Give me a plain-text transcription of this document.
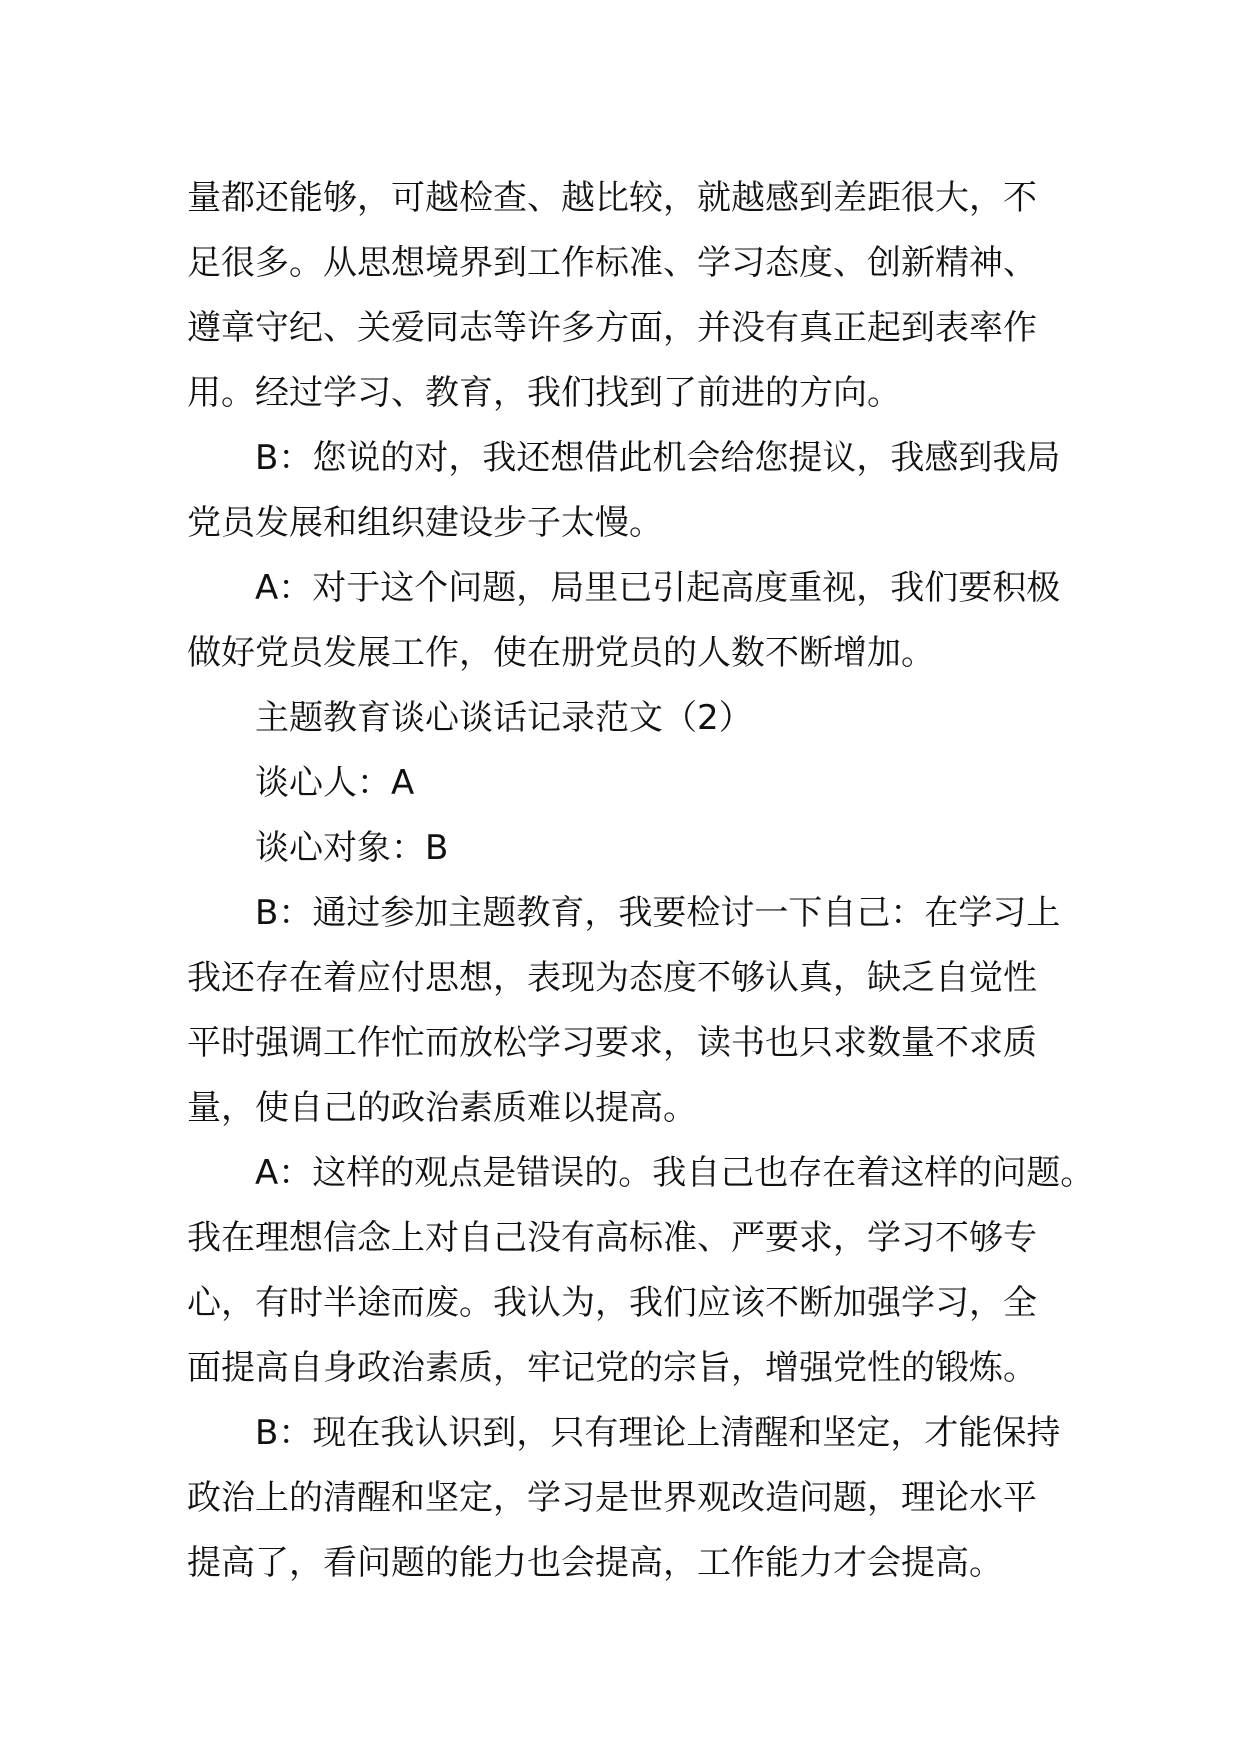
量都还能够，可越检查、越比较，就越感到差距很大，不
足很多。从思想境界到工作标准、学习态度、创新精神、
遵章守纪、关爱同志等许多方面，并没有真正起到表率作
用。经过学习、教育，我们找到了前进的方向。
B：您说的对，我还想借此机会给您提议，我感到我局
党员发展和组织建设步子太慢。
A：对于这个问题，局里已引起高度重视，我们要积极
做好党员发展工作，使在册党员的人数不断增加。
主题教育谈心谈话记录范文（2）
谈心人：A
谈心对象：B
B：通过参加主题教育，我要检讨一下自己：在学习上
我还存在着应付思想，表现为态度不够认真，缺乏自觉性
平时强调工作忙而放松学习要求，读书也只求数量不求质
量，使自己的政治素质难以提高。
A：这样的观点是错误的。我自己也存在着这样的问题。
我在理想信念上对自己没有高标准、严要求，学习不够专
心，有时半途而废。我认为，我们应该不断加强学习，全
面提高自身政治素质，牢记党的宗旨，增强党性的锻炼。
B：现在我认识到，只有理论上清醒和坚定，才能保持
政治上的清醒和坚定，学习是世界观改造问题，理论水平
提高了，看问题的能力也会提高，工作能力才会提高。
